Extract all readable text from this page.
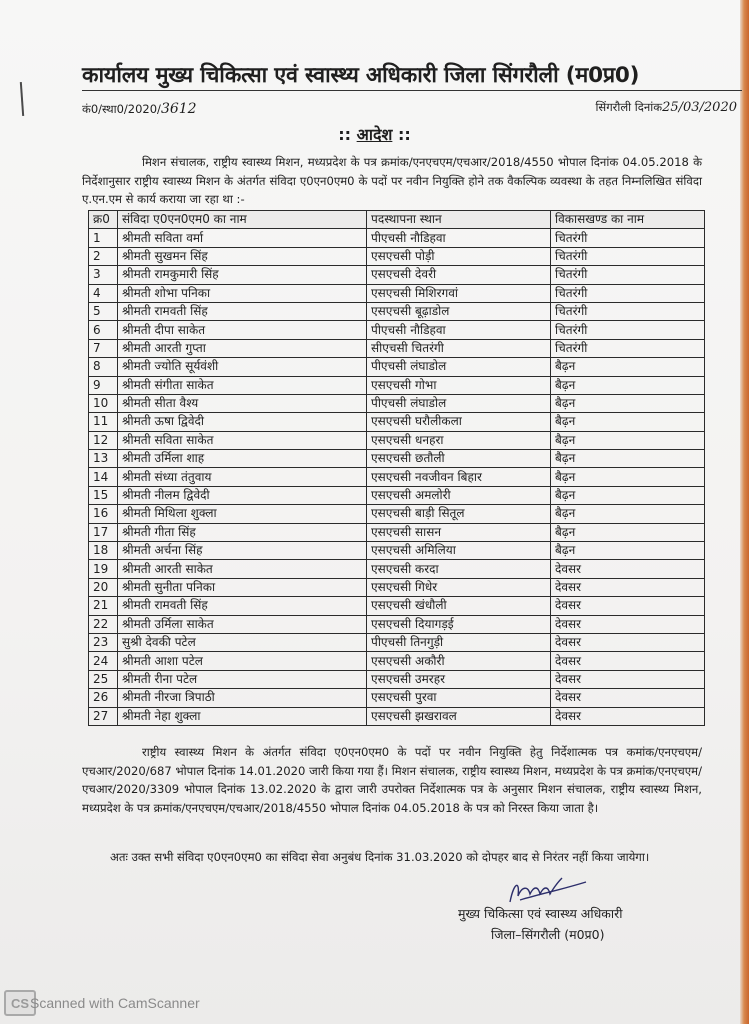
कार्यालय मुख्य चिकित्सा एवं स्वास्थ्य अधिकारी जिला सिंगरौली (म0प्र0)
कं0/स्था0/2020/3612	सिंगरौली दिनांक25/03/2020
:: आदेश ::
मिशन संचालक, राष्ट्रीय स्वास्थ्य मिशन, मध्यप्रदेश के पत्र क्रमांक/एनएचएम/एचआर/2018/4550 भोपाल दिनांक 04.05.2018 के निर्देशानुसार राष्ट्रीय स्वास्थ्य मिशन के अंतर्गत संविदा ए0एन0एम0 के पदों पर नवीन नियुक्ति होने तक वैकल्पिक व्यवस्था के तहत निम्नलिखित संविदा ए.एन.एम से कार्य कराया जा रहा था :-
क्र0	संविदा ए0एन0एम0 का नाम	पदस्थापना स्थान	विकासखण्ड का नाम
1	श्रीमती सविता वर्मा	पीएचसी नौडिहवा	चितरंगी
2	श्रीमती सुखमन सिंह	एसएचसी पोड़ी	चितरंगी
3	श्रीमती रामकुमारी सिंह	एसएचसी देवरी	चितरंगी
4	श्रीमती शोभा पनिका	एसएचसी मिशिरगवां	चितरंगी
5	श्रीमती रामवती सिंह	एसएचसी बूढ़ाडोल	चितरंगी
6	श्रीमती दीपा साकेत	पीएचसी नौडिहवा	चितरंगी
7	श्रीमती आरती गुप्ता	सीएचसी चितरंगी	चितरंगी
8	श्रीमती ज्योति सूर्यवंशी	पीएचसी लंघाडोल	बैढ़न
9	श्रीमती संगीता साकेत	एसएचसी गोभा	बैढ़न
10	श्रीमती सीता वैश्य	पीएचसी लंघाडोल	बैढ़न
11	श्रीमती ऊषा द्विवेदी	एसएचसी घरौलीकला	बैढ़न
12	श्रीमती सविता साकेत	एसएचसी धनहरा	बैढ़न
13	श्रीमती उर्मिला शाह	एसएचसी छतौली	बैढ़न
14	श्रीमती संध्या तंतुवाय	एसएचसी नवजीवन बिहार	बैढ़न
15	श्रीमती नीलम द्विवेदी	एसएचसी अमलोरी	बैढ़न
16	श्रीमती मिथिला शुक्ला	एसएचसी बाड़ी सितूल	बैढ़न
17	श्रीमती गीता सिंह	एसएचसी सासन	बैढ़न
18	श्रीमती अर्चना सिंह	एसएचसी अमिलिया	बैढ़न
19	श्रीमती आरती साकेत	एसएचसी करदा	देवसर
20	श्रीमती सुनीता पनिका	एसएचसी गिधेर	देवसर
21	श्रीमती रामवती सिंह	एसएचसी खंधौली	देवसर
22	श्रीमती उर्मिला साकेत	एसएचसी दियागड़ई	देवसर
23	सुश्री देवकी पटेल	पीएचसी तिनगुड़ी	देवसर
24	श्रीमती आशा पटेल	एसएचसी अकौरी	देवसर
25	श्रीमती रीना पटेल	एसएचसी उमरहर	देवसर
26	श्रीमती नीरजा त्रिपाठी	एसएचसी पुरवा	देवसर
27	श्रीमती नेहा शुक्ला	एसएचसी झखरावल	देवसर
राष्ट्रीय स्वास्थ्य मिशन के अंतर्गत संविदा ए0एन0एम0 के पदों पर नवीन नियुक्ति हेतु निर्देशात्मक पत्र कमांक/एनएचएम/एचआर/2020/687 भोपाल दिनांक 14.01.2020 जारी किया गया हैं। मिशन संचालक, राष्ट्रीय स्वास्थ्य मिशन, मध्यप्रदेश के पत्र क्रमांक/एनएचएम/एचआर/2020/3309 भोपाल दिनांक 13.02.2020 के द्वारा जारी उपरोक्त निर्देशात्मक पत्र के अनुसार मिशन संचालक, राष्ट्रीय स्वास्थ्य मिशन, मध्यप्रदेश के पत्र क्रमांक/एनएचएम/एचआर/2018/4550 भोपाल दिनांक 04.05.2018 के पत्र को निरस्त किया जाता है।
अतः उक्त सभी संविदा ए0एन0एम0 का संविदा सेवा अनुबंध दिनांक 31.03.2020 को दोपहर बाद से निरंतर नहीं किया जायेगा।
मुख्य चिकित्सा एवं स्वास्थ्य अधिकारी
जिला–सिंगरौली (म0प्र0)
CS Scanned with CamScanner
